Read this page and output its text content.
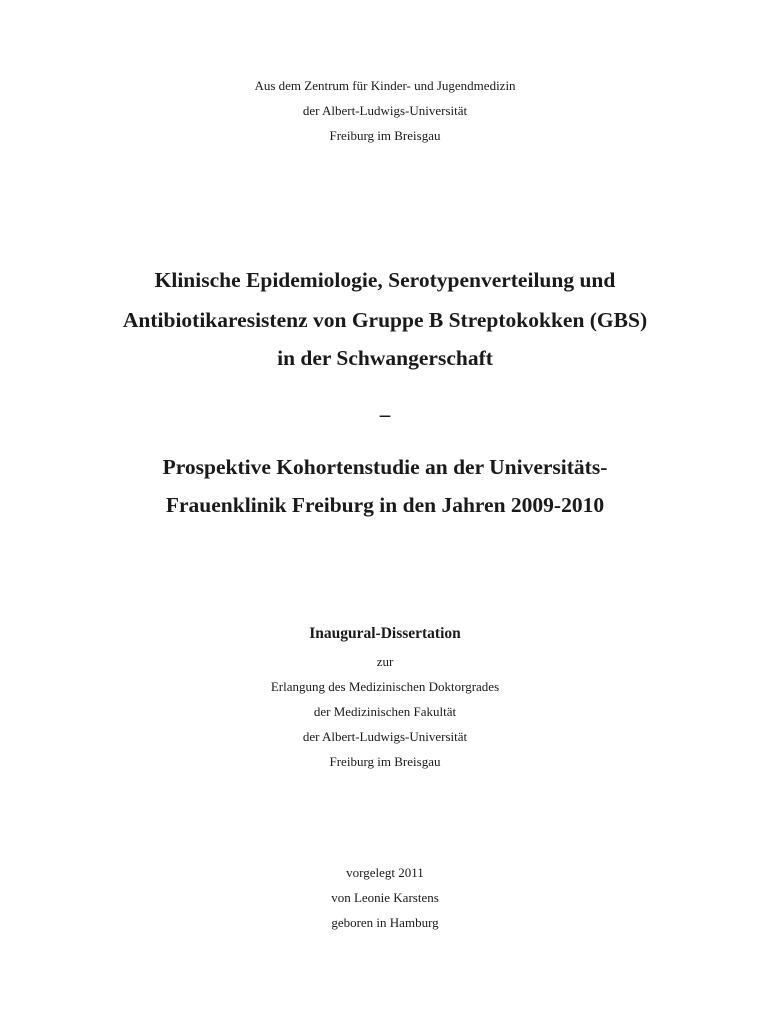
Aus dem Zentrum für Kinder- und Jugendmedizin
der Albert-Ludwigs-Universität
Freiburg im Breisgau
Klinische Epidemiologie, Serotypenverteilung und
Antibiotikaresistenz von Gruppe B Streptokokken (GBS)
in der Schwangerschaft
–
Prospektive Kohortenstudie an der Universitäts-
Frauenklinik Freiburg in den Jahren 2009-2010
Inaugural-Dissertation
zur
Erlangung des Medizinischen Doktorgrades
der Medizinischen Fakultät
der Albert-Ludwigs-Universität
Freiburg im Breisgau
vorgelegt 2011
von Leonie Karstens
geboren in Hamburg
